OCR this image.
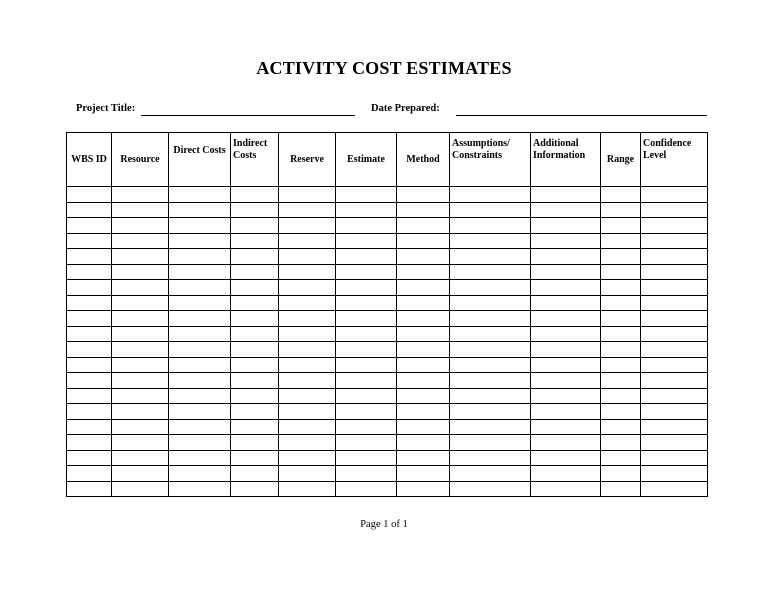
ACTIVITY COST ESTIMATES
Project Title:	Date Prepared:
WBS ID	Resource	Direct Costs	Indirect Costs	Reserve	Estimate	Method	Assumptions/ Constraints	Additional Information	Range	Confidence Level

Page 1 of 1
